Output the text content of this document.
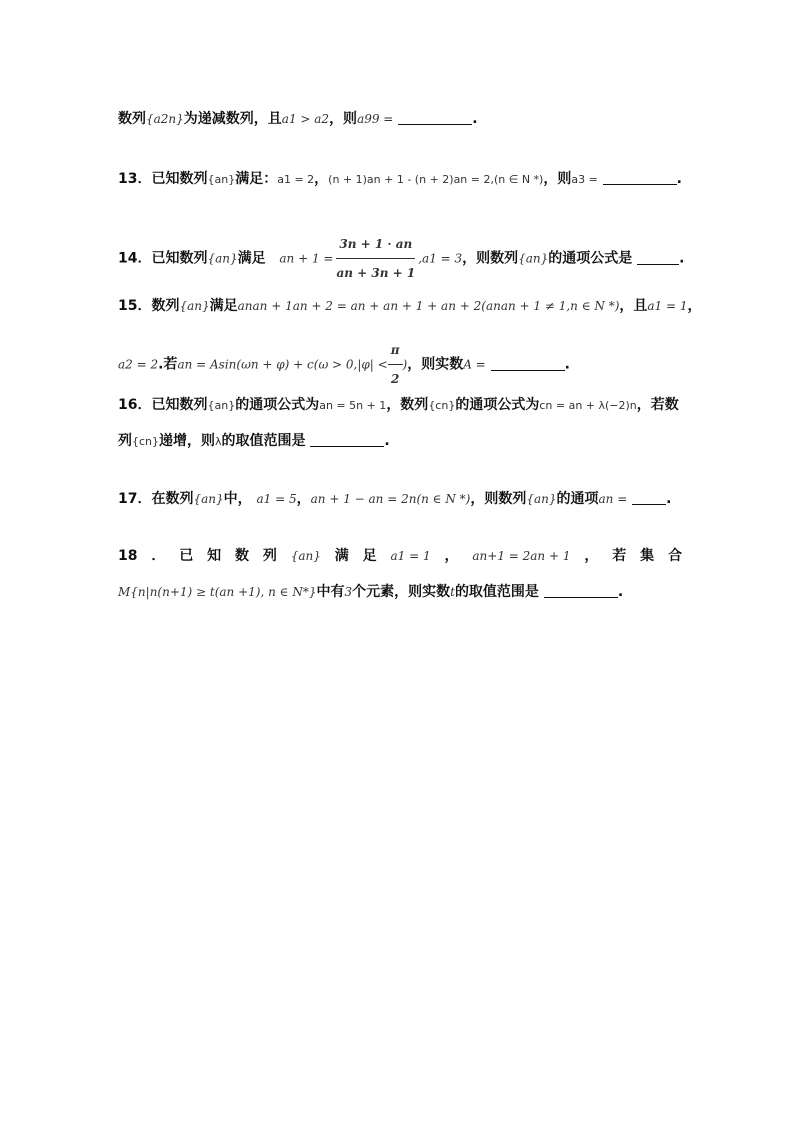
数列{a2n}为递减数列，且a1 > a2，则a99 =	.
13．已知数列{an}满足：a1 = 2，(n + 1)an + 1 - (n + 2)an = 2,(n ∈ N *)，则a3 =	.
14．已知数列{an}满足 an + $1 = \frac{3n + 1 \cdot an}{an + 3n + 1} ,a1 = 3$，则数列{an}的通项公式是	.
15．数列{an}满足anan + 1an + 2 = an + an + 1 + an + 2(anan + 1 ≠ 1,n ∈ N *)，且a1 = 1，
a2 = 2.若an = $Asin(\omega n + \varphi) + c(\omega > 0,|\varphi| < \frac{\pi}{2}$ )，则实数A =	.
16．已知数列{an}的通项公式为an = 5n + 1，数列{cn}的通项公式为cn = an + λ(−2)n，若数
列{cn}递增，则λ的取值范围是	.
17．在数列{an}中， a1 = 5，an + 1 − an = 2n(n ∈ N *)，则数列{an}的通项an =	.
18 ． 已 知 数 列 {an} 满 足 a1 = 1 ， an+1 = 2an + 1 ， 若 集 合
M{n|n(n+1) ≥ t(an +1), n ∈ N*}中有3个元素，则实数t的取值范围是	.
